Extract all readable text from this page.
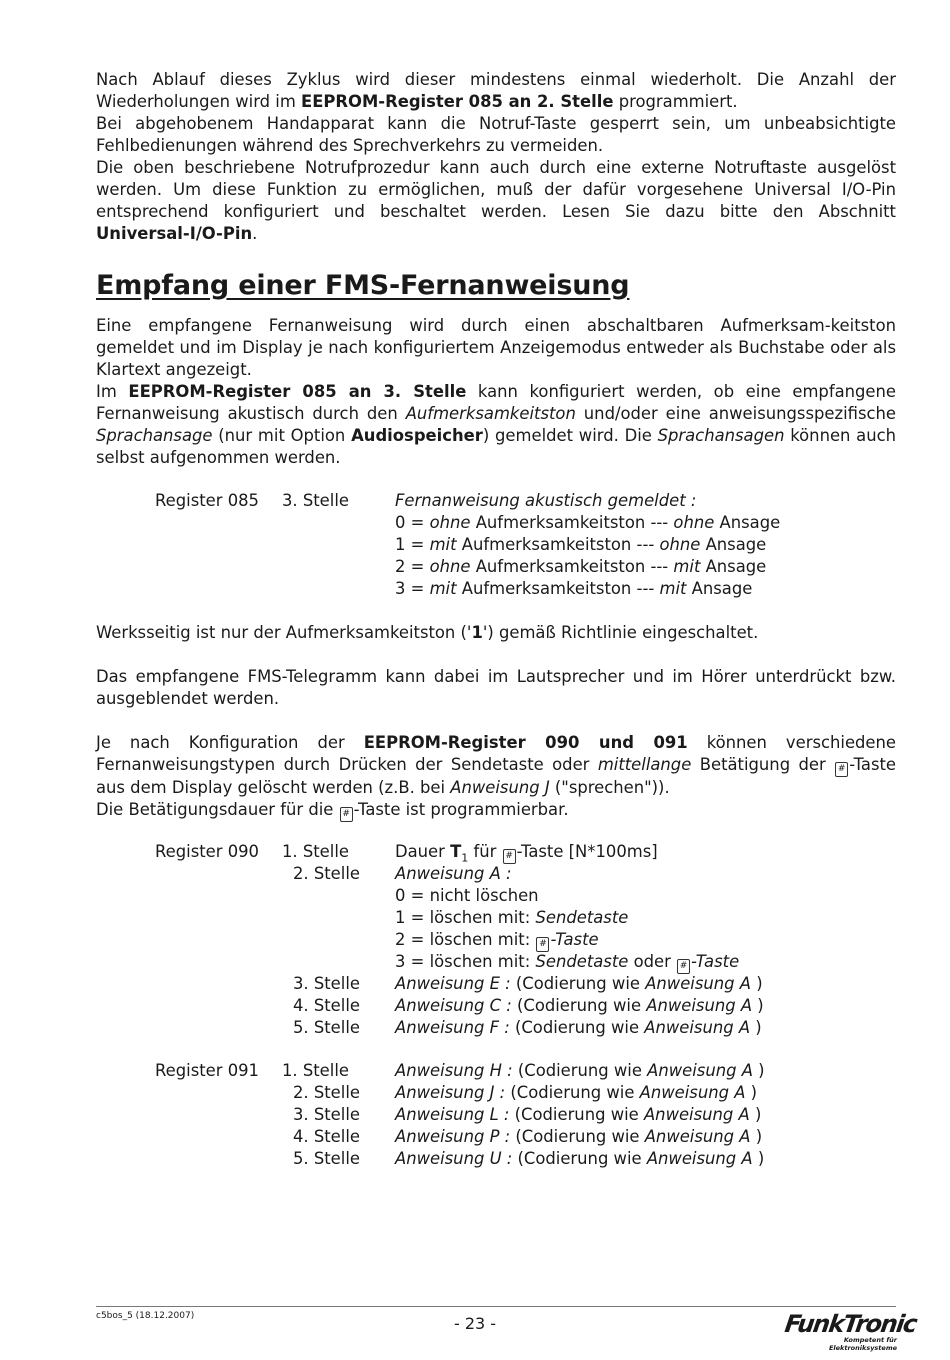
Nach Ablauf dieses Zyklus wird dieser mindestens einmal wiederholt. Die Anzahl der Wiederholungen wird im EEPROM-Register 085 an 2. Stelle programmiert.

Bei abgehobenem Handapparat kann die Notruf-Taste gesperrt sein, um unbeabsichtigte Fehlbedienungen während des Sprechverkehrs zu vermeiden.

Die oben beschriebene Notrufprozedur kann auch durch eine externe Notruftaste ausgelöst werden. Um diese Funktion zu ermöglichen, muß der dafür vorgesehene Universal I/O-Pin entsprechend konfiguriert und beschaltet werden. Lesen Sie dazu bitte den Abschnitt Universal-I/O-Pin.

Empfang einer FMS-Fernanweisung

Eine empfangene Fernanweisung wird durch einen abschaltbaren Aufmerksam-keitston gemeldet und im Display je nach konfiguriertem Anzeigemodus entweder als Buchstabe oder als Klartext angezeigt.

Im EEPROM-Register 085 an 3. Stelle kann konfiguriert werden, ob eine empfangene Fernanweisung akustisch durch den Aufmerksamkeitston und/oder eine anweisungsspezifische Sprachansage (nur mit Option Audiospeicher) gemeldet wird. Die Sprachansagen können auch selbst aufgenommen werden.

Register 085 3. Stelle	Fernanweisung akustisch gemeldet :
0 = ohne Aufmerksamkeitston --- ohne Ansage
1 = mit Aufmerksamkeitston --- ohne Ansage
2 = ohne Aufmerksamkeitston --- mit Ansage
3 = mit Aufmerksamkeitston --- mit Ansage

Werksseitig ist nur der Aufmerksamkeitston ('1') gemäß Richtlinie eingeschaltet.

Das empfangene FMS-Telegramm kann dabei im Lautsprecher und im Hörer unterdrückt bzw. ausgeblendet werden.

Je nach Konfiguration der EEPROM-Register 090 und 091 können verschiedene Fernanweisungstypen durch Drücken der Sendetaste oder mittellange Betätigung der # -Taste aus dem Display gelöscht werden (z.B. bei Anweisung J ("sprechen")).

Die Betätigungsdauer für die # -Taste ist programmierbar.

Register 090 1. Stelle	Dauer $T_1$ für # -Taste [N*100ms]
2. Stelle Anweisung A :
0 = nicht löschen
1 = löschen mit: Sendetaste
2 = löschen mit: # -Taste
3 = löschen mit: Sendetaste oder # -Taste
3. Stelle Anweisung E : (Codierung wie Anweisung A )
4. Stelle Anweisung C : (Codierung wie Anweisung A )
5. Stelle Anweisung F : (Codierung wie Anweisung A )
Register 091 1. Stelle	Anweisung H : (Codierung wie Anweisung A )
2. Stelle Anweisung J : (Codierung wie Anweisung A )
3. Stelle Anweisung L : (Codierung wie Anweisung A )
4. Stelle Anweisung P : (Codierung wie Anweisung A )
5. Stelle Anweisung U : (Codierung wie Anweisung A )
c5bos_5 (18.12.2007)	- 23 -	FunkTronic
Kompetent für Elektroniksysteme
